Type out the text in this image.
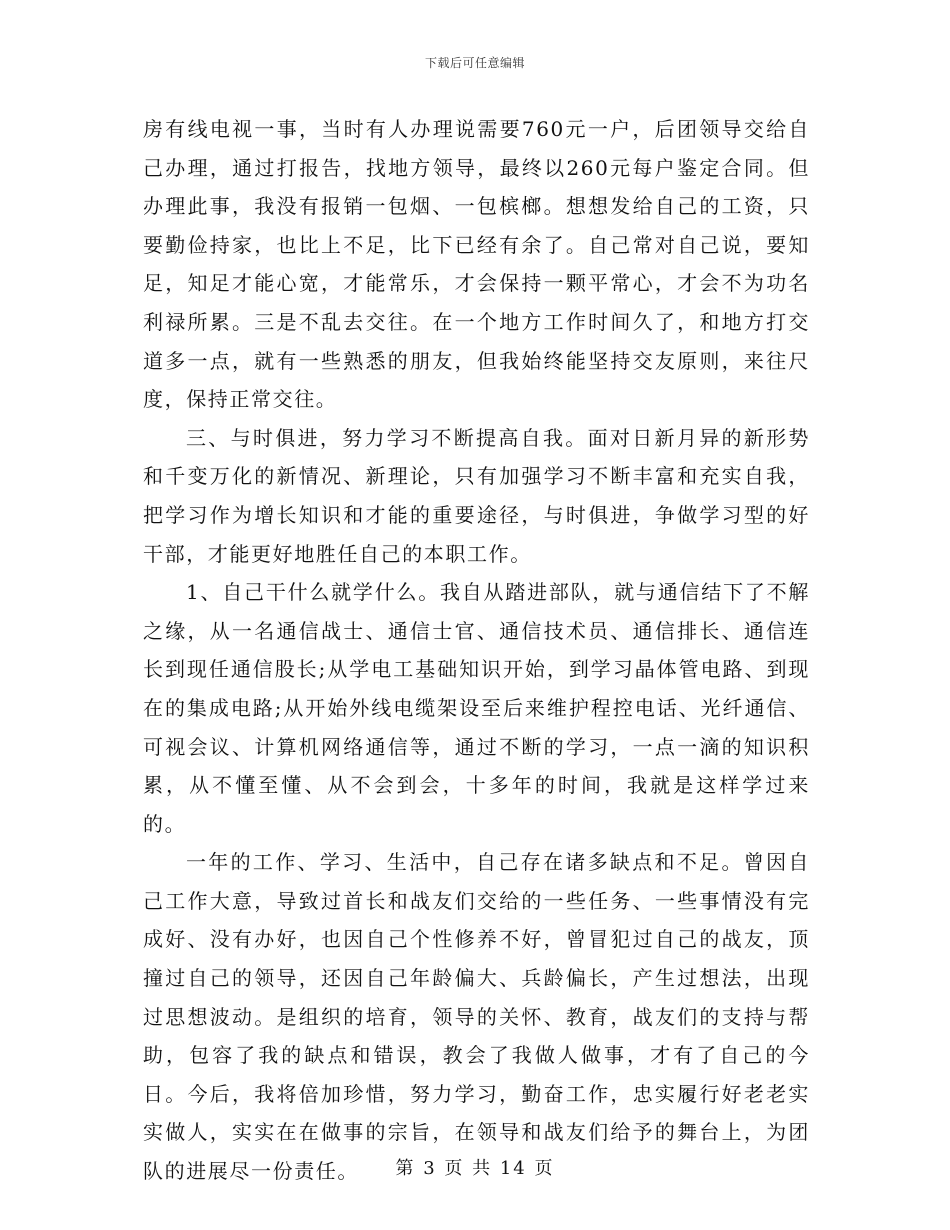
下载后可任意编辑

房有线电视一事，当时有人办理说需要760元一户，后团领导交给自己办理，通过打报告，找地方领导，最终以260元每户鉴定合同。但办理此事，我没有报销一包烟、一包槟榔。想想发给自己的工资，只要勤俭持家，也比上不足，比下已经有余了。自己常对自己说，要知足，知足才能心宽，才能常乐，才会保持一颗平常心，才会不为功名利禄所累。三是不乱去交往。在一个地方工作时间久了，和地方打交道多一点，就有一些熟悉的朋友，但我始终能坚持交友原则，来往尺度，保持正常交往。

三、与时俱进，努力学习不断提高自我。面对日新月异的新形势和千变万化的新情况、新理论，只有加强学习不断丰富和充实自我，把学习作为增长知识和才能的重要途径，与时俱进，争做学习型的好干部，才能更好地胜任自己的本职工作。

1、自己干什么就学什么。我自从踏进部队，就与通信结下了不解之缘，从一名通信战士、通信士官、通信技术员、通信排长、通信连长到现任通信股长;从学电工基础知识开始，到学习晶体管电路、到现在的集成电路;从开始外线电缆架设至后来维护程控电话、光纤通信、可视会议、计算机网络通信等，通过不断的学习，一点一滴的知识积累，从不懂至懂、从不会到会，十多年的时间，我就是这样学过来的。

一年的工作、学习、生活中，自己存在诸多缺点和不足。曾因自己工作大意，导致过首长和战友们交给的一些任务、一些事情没有完成好、没有办好，也因自己个性修养不好，曾冒犯过自己的战友，顶撞过自己的领导，还因自己年龄偏大、兵龄偏长，产生过想法，出现过思想波动。是组织的培育，领导的关怀、教育，战友们的支持与帮助，包容了我的缺点和错误，教会了我做人做事，才有了自己的今日。今后，我将倍加珍惜，努力学习，勤奋工作，忠实履行好老老实实做人，实实在在做事的宗旨，在领导和战友们给予的舞台上，为团队的进展尽一份责任。	第 3 页 共 14 页
